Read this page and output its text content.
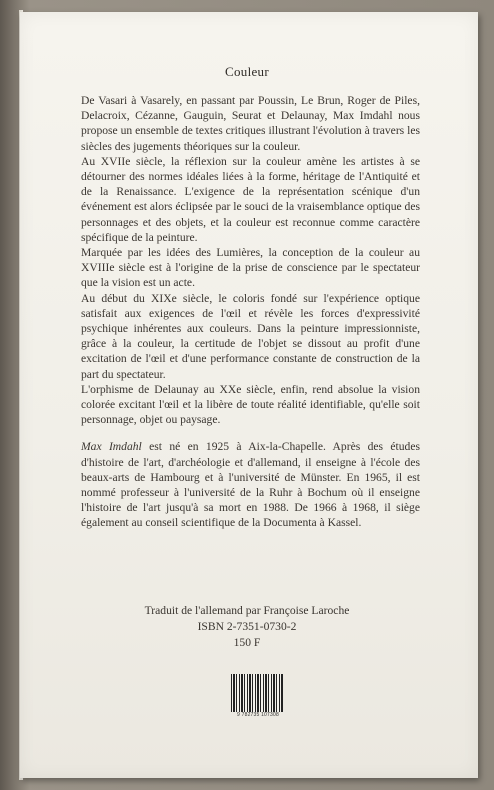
Couleur

De Vasari à Vasarely, en passant par Poussin, Le Brun, Roger de Piles, Delacroix, Cézanne, Gauguin, Seurat et Delaunay, Max Imdahl nous propose un ensemble de textes critiques illustrant l'évolution à travers les siècles des jugements théoriques sur la couleur.

Au XVIIe siècle, la réflexion sur la couleur amène les artistes à se détourner des normes idéales liées à la forme, héritage de l'Antiquité et de la Renaissance. L'exigence de la représentation scénique d'un événement est alors éclipsée par le souci de la vraisemblance optique des personnages et des objets, et la couleur est reconnue comme caractère spécifique de la peinture.

Marquée par les idées des Lumières, la conception de la couleur au XVIIIe siècle est à l'origine de la prise de conscience par le spectateur que la vision est un acte.

Au début du XIXe siècle, le coloris fondé sur l'expérience optique satisfait aux exigences de l'œil et révèle les forces d'expressivité psychique inhérentes aux couleurs. Dans la peinture impressionniste, grâce à la couleur, la certitude de l'objet se dissout au profit d'une excitation de l'œil et d'une performance constante de construction de la part du spectateur.

L'orphisme de Delaunay au XXe siècle, enfin, rend absolue la vision colorée excitant l'œil et la libère de toute réalité identifiable, qu'elle soit personnage, objet ou paysage.

Max Imdahl est né en 1925 à Aix-la-Chapelle. Après des études d'histoire de l'art, d'archéologie et d'allemand, il enseigne à l'école des beaux-arts de Hambourg et à l'université de Münster. En 1965, il est nommé professeur à l'université de la Ruhr à Bochum où il enseigne l'histoire de l'art jusqu'à sa mort en 1988. De 1966 à 1968, il siège également au conseil scientifique de la Documenta à Kassel.

Traduit de l'allemand par Françoise Laroche
ISBN 2-7351-0730-2
150 F
9 782735 107308
